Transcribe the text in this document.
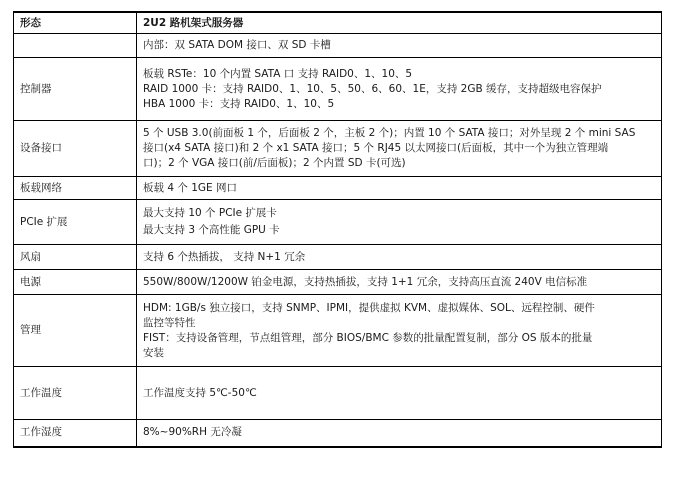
形态	2U2 路机架式服务器

	内部：双 SATA DOM 接口、双 SD 卡槽

控制器	板载 RSTe：10 个内置 SATA 口 支持 RAID0、1、10、5
RAID 1000 卡：支持 RAID0、1、10、5、50、6、60、1E，支持 2GB 缓存，支持超级电容保护
HBA 1000 卡：支持 RAID0、1、10、5

设备接口	5 个 USB 3.0(前面板 1 个，后面板 2 个，主板 2 个)；内置 10 个 SATA 接口；对外呈现 2 个 mini SAS
接口(x4 SATA 接口)和 2 个 x1 SATA 接口；5 个 RJ45 以太网接口(后面板，其中一个为独立管理端
口)；2 个 VGA 接口(前/后面板)；2 个内置 SD 卡(可选)

板载网络	板载 4 个 1GE 网口

PCIe 扩展	最大支持 10 个 PCIe 扩展卡
最大支持 3 个高性能 GPU 卡

风扇	支持 6 个热插拔， 支持 N+1 冗余

电源	550W/800W/1200W 铂金电源，支持热插拔，支持 1+1 冗余，支持高压直流 240V 电信标准

管理	HDM: 1GB/s 独立接口，支持 SNMP、IPMI，提供虚拟 KVM、虚拟媒体、SOL、远程控制、硬件
监控等特性
FIST：支持设备管理，节点组管理，部分 BIOS/BMC 参数的批量配置复制，部分 OS 版本的批量
安装

工作温度	工作温度支持 5℃-50℃

工作湿度	8%~90%RH 无冷凝
